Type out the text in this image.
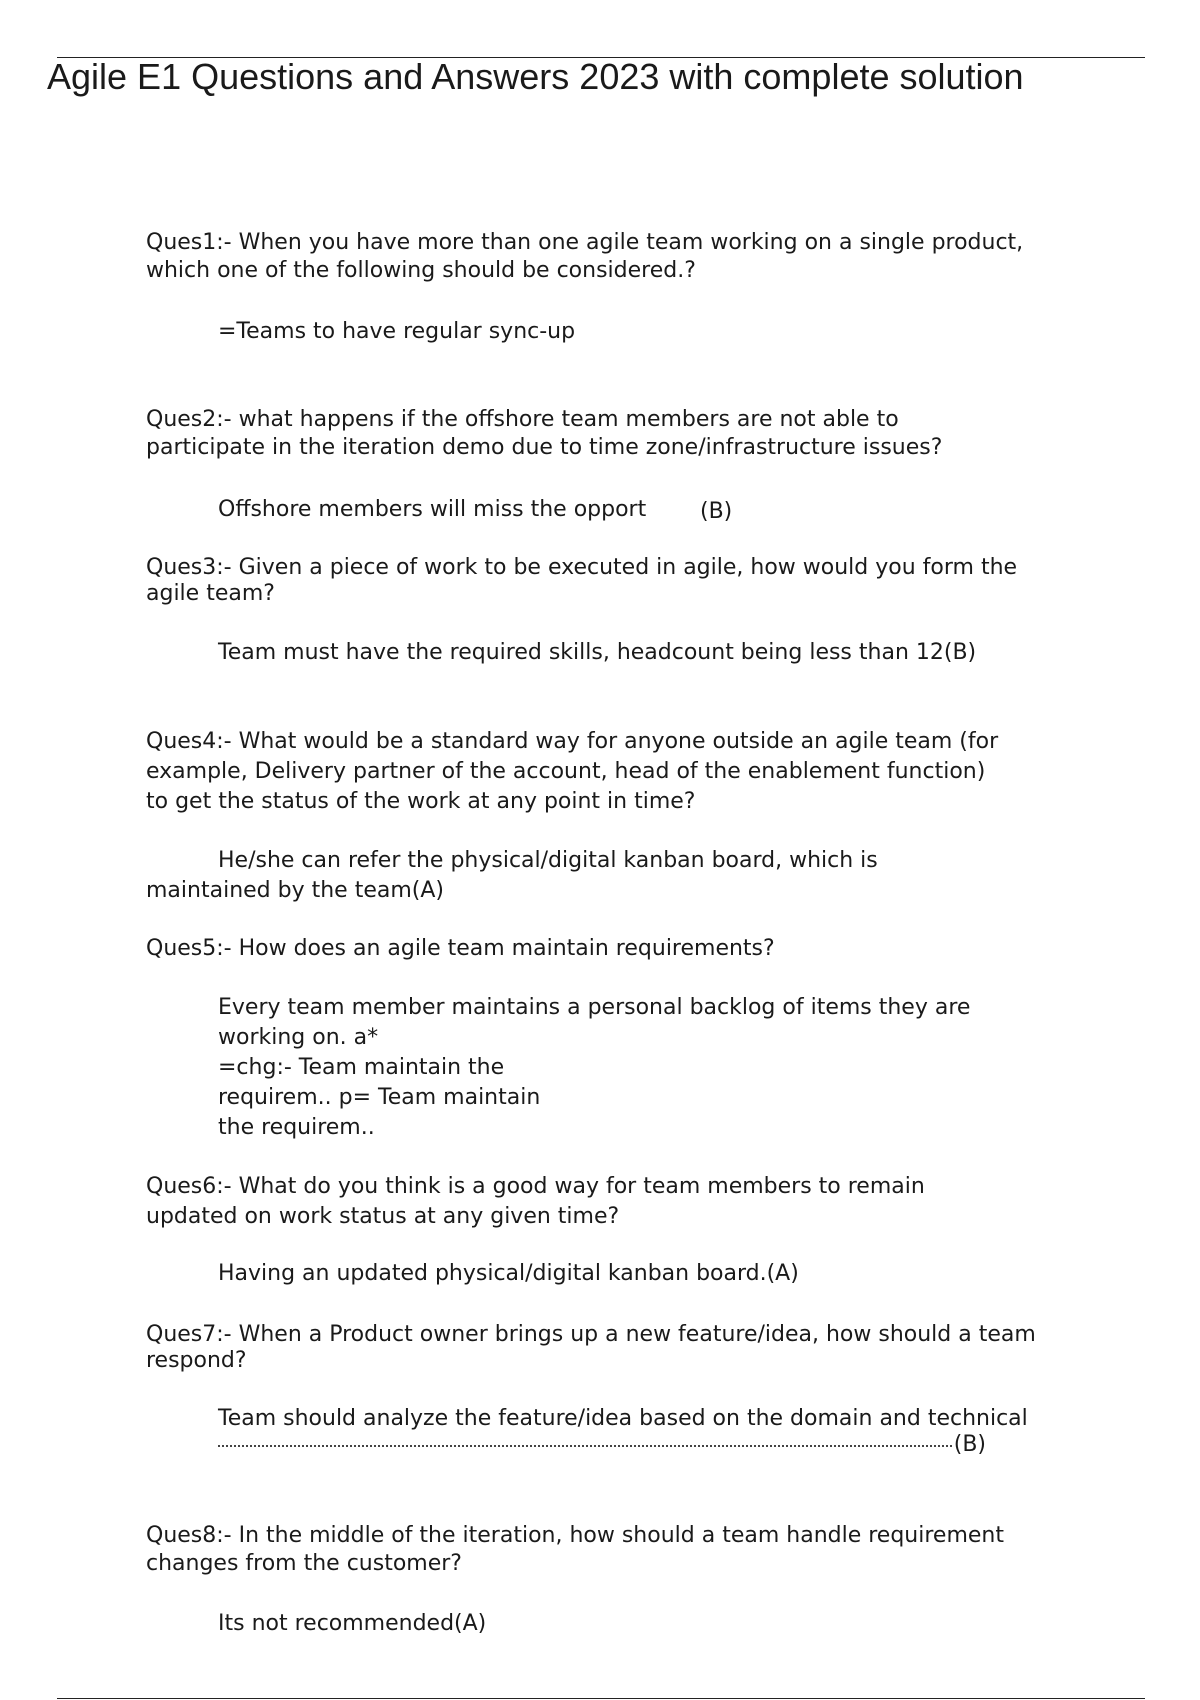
Agile E1 Questions and Answers 2023 with complete solution
Ques1:- When you have more than one agile team working on a single product,
which one of the following should be considered.?
=Teams to have regular sync-up
Ques2:- what happens if the offshore team members are not able to
participate in the iteration demo due to time zone/infrastructure issues?
Offshore members will miss the opport (B)
Ques3:- Given a piece of work to be executed in agile, how would you form the
agile team?
Team must have the required skills, headcount being less than 12(B)
Ques4:- What would be a standard way for anyone outside an agile team (for
example, Delivery partner of the account, head of the enablement function)
to get the status of the work at any point in time?
He/she can refer the physical/digital kanban board, which is
maintained by the team(A)
Ques5:- How does an agile team maintain requirements?
Every team member maintains a personal backlog of items they are
working on. a*
=chg:- Team maintain the
requirem.. p= Team maintain
the requirem..
Ques6:- What do you think is a good way for team members to remain
updated on work status at any given time?
Having an updated physical/digital kanban board.(A)
Ques7:- When a Product owner brings up a new feature/idea, how should a team
respond?
Team should analyze the feature/idea based on the domain and technical
(B)
Ques8:- In the middle of the iteration, how should a team handle requirement
changes from the customer?
Its not recommended(A)
